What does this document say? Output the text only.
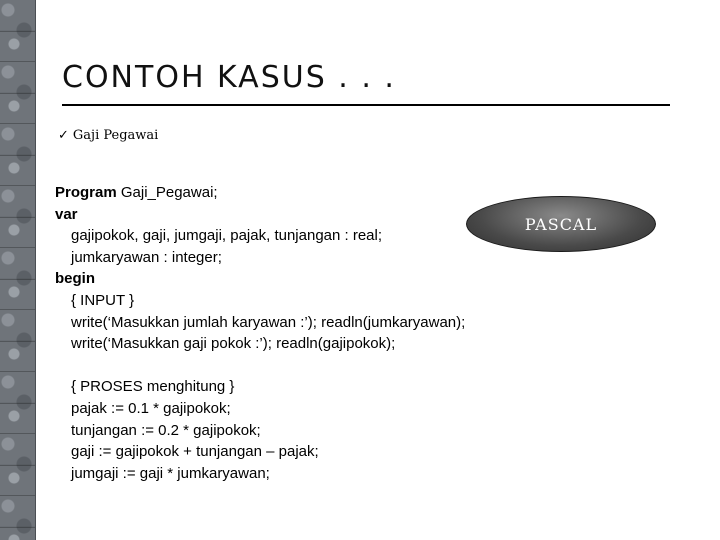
CONTOH KASUS . . .
✓ Gaji Pegawai
Program Gaji_Pegawai;
var
gajipokok, gaji, jumgaji, pajak, tunjangan : real;
jumkaryawan : integer;
begin
{ INPUT }
write(‘Masukkan jumlah karyawan :’); readln(jumkaryawan);
write(‘Masukkan gaji pokok :’); readln(gajipokok);
{ PROSES menghitung }
pajak := 0.1 * gajipokok;
tunjangan := 0.2 * gajipokok;
gaji := gajipokok + tunjangan – pajak;
jumgaji := gaji * jumkaryawan;
PASCAL
